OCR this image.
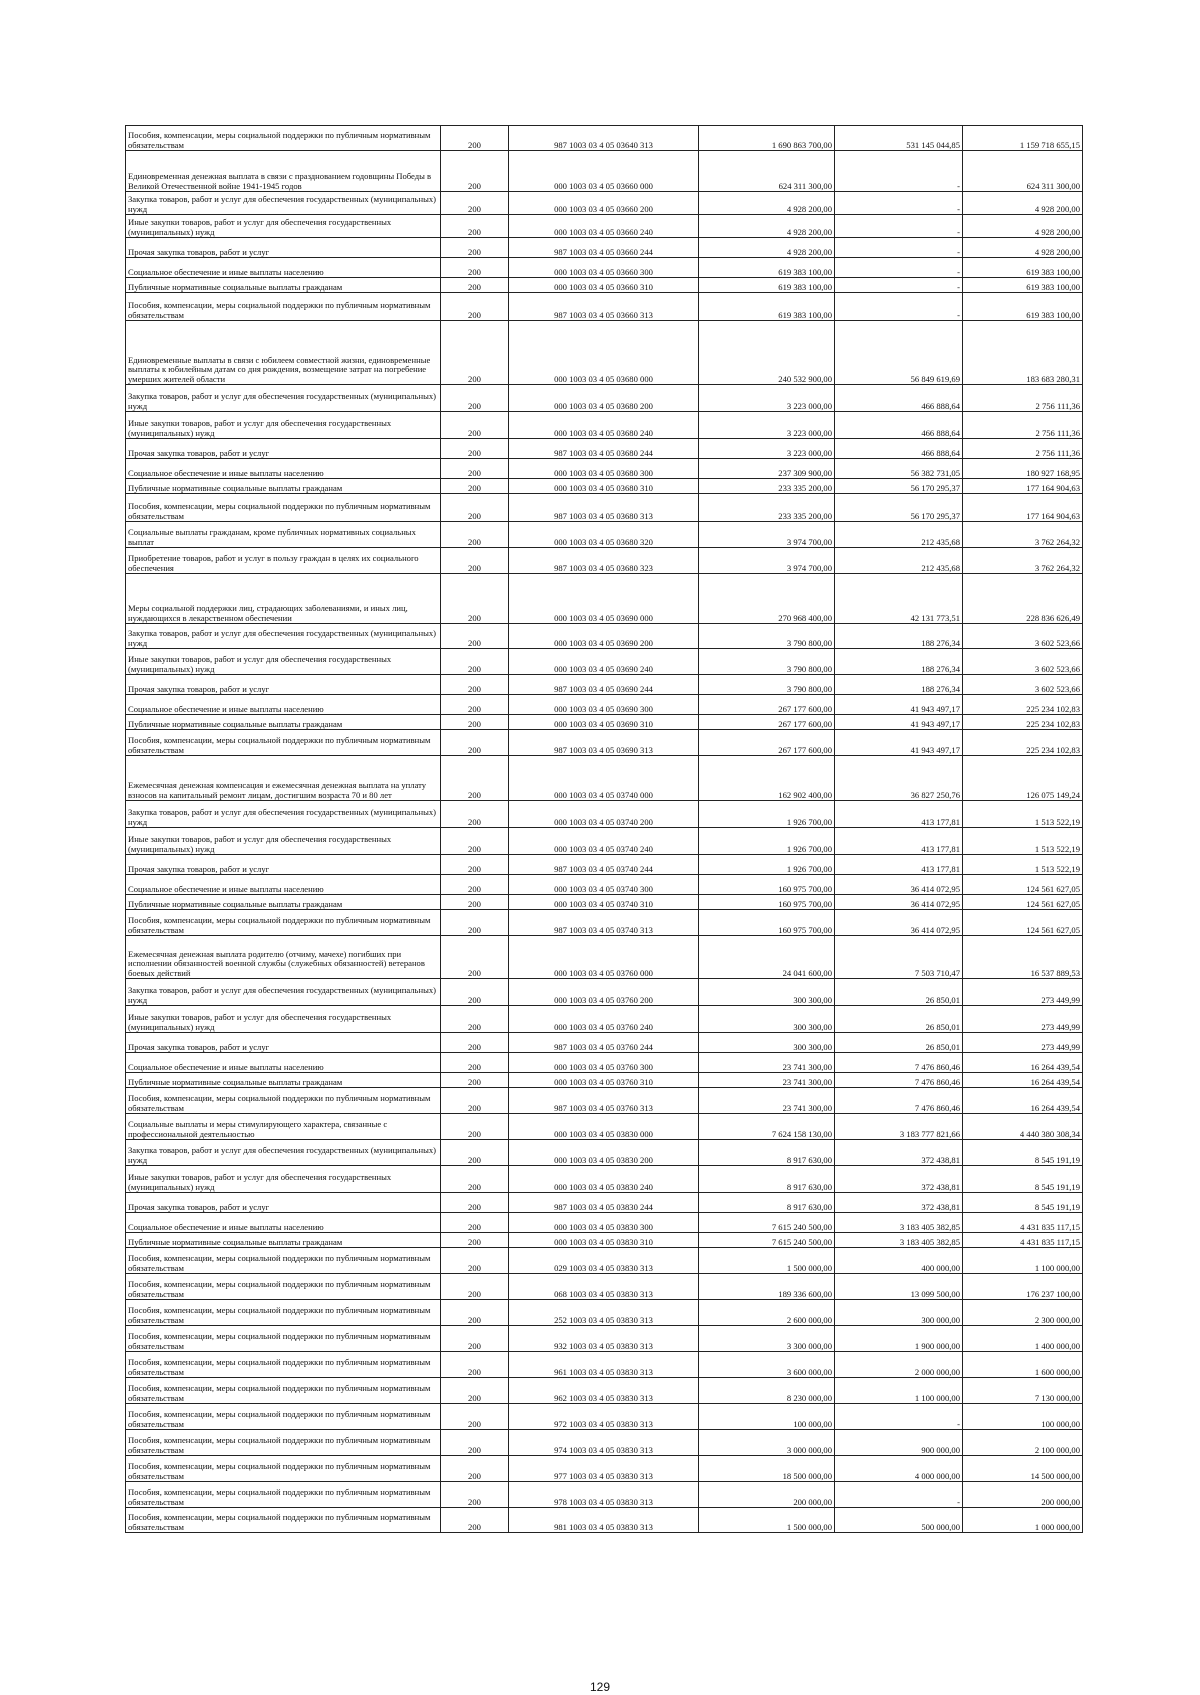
Пособия, компенсации, меры социальной поддержки по публичным нормативным обязательствам	200	987 1003 03 4 05 03640 313	1 690 863 700,00	531 145 044,85	1 159 718 655,15
Единовременная денежная выплата в связи с празднованием годовщины Победы в Великой Отечественной войне 1941-1945 годов	200	000 1003 03 4 05 03660 000	624 311 300,00	-	624 311 300,00
Закупка товаров, работ и услуг для обеспечения государственных (муниципальных) нужд	200	000 1003 03 4 05 03660 200	4 928 200,00	-	4 928 200,00
Иные закупки товаров, работ и услуг для обеспечения государственных (муниципальных) нужд	200	000 1003 03 4 05 03660 240	4 928 200,00	-	4 928 200,00
Прочая закупка товаров, работ и услуг	200	987 1003 03 4 05 03660 244	4 928 200,00	-	4 928 200,00
Социальное обеспечение и иные выплаты населению	200	000 1003 03 4 05 03660 300	619 383 100,00	-	619 383 100,00
Публичные нормативные социальные выплаты гражданам	200	000 1003 03 4 05 03660 310	619 383 100,00	-	619 383 100,00
Пособия, компенсации, меры социальной поддержки по публичным нормативным обязательствам	200	987 1003 03 4 05 03660 313	619 383 100,00	-	619 383 100,00
Единовременные выплаты в связи с юбилеем совместной жизни, единовременные выплаты к юбилейным датам со дня рождения, возмещение затрат на погребение умерших жителей области	200	000 1003 03 4 05 03680 000	240 532 900,00	56 849 619,69	183 683 280,31
Закупка товаров, работ и услуг для обеспечения государственных (муниципальных) нужд	200	000 1003 03 4 05 03680 200	3 223 000,00	466 888,64	2 756 111,36
Иные закупки товаров, работ и услуг для обеспечения государственных (муниципальных) нужд	200	000 1003 03 4 05 03680 240	3 223 000,00	466 888,64	2 756 111,36
Прочая закупка товаров, работ и услуг	200	987 1003 03 4 05 03680 244	3 223 000,00	466 888,64	2 756 111,36
Социальное обеспечение и иные выплаты населению	200	000 1003 03 4 05 03680 300	237 309 900,00	56 382 731,05	180 927 168,95
Публичные нормативные социальные выплаты гражданам	200	000 1003 03 4 05 03680 310	233 335 200,00	56 170 295,37	177 164 904,63
Пособия, компенсации, меры социальной поддержки по публичным нормативным обязательствам	200	987 1003 03 4 05 03680 313	233 335 200,00	56 170 295,37	177 164 904,63
Социальные выплаты гражданам, кроме публичных нормативных социальных выплат	200	000 1003 03 4 05 03680 320	3 974 700,00	212 435,68	3 762 264,32
Приобретение товаров, работ и услуг в пользу граждан в целях их социального обеспечения	200	987 1003 03 4 05 03680 323	3 974 700,00	212 435,68	3 762 264,32
Меры социальной поддержки лиц, страдающих заболеваниями, и иных лиц, нуждающихся в лекарственном обеспечении	200	000 1003 03 4 05 03690 000	270 968 400,00	42 131 773,51	228 836 626,49
Закупка товаров, работ и услуг для обеспечения государственных (муниципальных) нужд	200	000 1003 03 4 05 03690 200	3 790 800,00	188 276,34	3 602 523,66
Иные закупки товаров, работ и услуг для обеспечения государственных (муниципальных) нужд	200	000 1003 03 4 05 03690 240	3 790 800,00	188 276,34	3 602 523,66
Прочая закупка товаров, работ и услуг	200	987 1003 03 4 05 03690 244	3 790 800,00	188 276,34	3 602 523,66
Социальное обеспечение и иные выплаты населению	200	000 1003 03 4 05 03690 300	267 177 600,00	41 943 497,17	225 234 102,83
Публичные нормативные социальные выплаты гражданам	200	000 1003 03 4 05 03690 310	267 177 600,00	41 943 497,17	225 234 102,83
Пособия, компенсации, меры социальной поддержки по публичным нормативным обязательствам	200	987 1003 03 4 05 03690 313	267 177 600,00	41 943 497,17	225 234 102,83
Ежемесячная денежная компенсация и ежемесячная денежная выплата на уплату взносов на капитальный ремонт лицам, достигшим возраста 70 и 80 лет	200	000 1003 03 4 05 03740 000	162 902 400,00	36 827 250,76	126 075 149,24
Закупка товаров, работ и услуг для обеспечения государственных (муниципальных) нужд	200	000 1003 03 4 05 03740 200	1 926 700,00	413 177,81	1 513 522,19
Иные закупки товаров, работ и услуг для обеспечения государственных (муниципальных) нужд	200	000 1003 03 4 05 03740 240	1 926 700,00	413 177,81	1 513 522,19
Прочая закупка товаров, работ и услуг	200	987 1003 03 4 05 03740 244	1 926 700,00	413 177,81	1 513 522,19
Социальное обеспечение и иные выплаты населению	200	000 1003 03 4 05 03740 300	160 975 700,00	36 414 072,95	124 561 627,05
Публичные нормативные социальные выплаты гражданам	200	000 1003 03 4 05 03740 310	160 975 700,00	36 414 072,95	124 561 627,05
Пособия, компенсации, меры социальной поддержки по публичным нормативным обязательствам	200	987 1003 03 4 05 03740 313	160 975 700,00	36 414 072,95	124 561 627,05
Ежемесячная денежная выплата родителю (отчиму, мачехе) погибших при исполнении обязанностей военной службы (служебных обязанностей) ветеранов боевых действий	200	000 1003 03 4 05 03760 000	24 041 600,00	7 503 710,47	16 537 889,53
Закупка товаров, работ и услуг для обеспечения государственных (муниципальных) нужд	200	000 1003 03 4 05 03760 200	300 300,00	26 850,01	273 449,99
Иные закупки товаров, работ и услуг для обеспечения государственных (муниципальных) нужд	200	000 1003 03 4 05 03760 240	300 300,00	26 850,01	273 449,99
Прочая закупка товаров, работ и услуг	200	987 1003 03 4 05 03760 244	300 300,00	26 850,01	273 449,99
Социальное обеспечение и иные выплаты населению	200	000 1003 03 4 05 03760 300	23 741 300,00	7 476 860,46	16 264 439,54
Публичные нормативные социальные выплаты гражданам	200	000 1003 03 4 05 03760 310	23 741 300,00	7 476 860,46	16 264 439,54
Пособия, компенсации, меры социальной поддержки по публичным нормативным обязательствам	200	987 1003 03 4 05 03760 313	23 741 300,00	7 476 860,46	16 264 439,54
Социальные выплаты и меры стимулирующего характера, связанные с профессиональной деятельностью	200	000 1003 03 4 05 03830 000	7 624 158 130,00	3 183 777 821,66	4 440 380 308,34
Закупка товаров, работ и услуг для обеспечения государственных (муниципальных) нужд	200	000 1003 03 4 05 03830 200	8 917 630,00	372 438,81	8 545 191,19
Иные закупки товаров, работ и услуг для обеспечения государственных (муниципальных) нужд	200	000 1003 03 4 05 03830 240	8 917 630,00	372 438,81	8 545 191,19
Прочая закупка товаров, работ и услуг	200	987 1003 03 4 05 03830 244	8 917 630,00	372 438,81	8 545 191,19
Социальное обеспечение и иные выплаты населению	200	000 1003 03 4 05 03830 300	7 615 240 500,00	3 183 405 382,85	4 431 835 117,15
Публичные нормативные социальные выплаты гражданам	200	000 1003 03 4 05 03830 310	7 615 240 500,00	3 183 405 382,85	4 431 835 117,15
Пособия, компенсации, меры социальной поддержки по публичным нормативным обязательствам	200	029 1003 03 4 05 03830 313	1 500 000,00	400 000,00	1 100 000,00
Пособия, компенсации, меры социальной поддержки по публичным нормативным обязательствам	200	068 1003 03 4 05 03830 313	189 336 600,00	13 099 500,00	176 237 100,00
Пособия, компенсации, меры социальной поддержки по публичным нормативным обязательствам	200	252 1003 03 4 05 03830 313	2 600 000,00	300 000,00	2 300 000,00
Пособия, компенсации, меры социальной поддержки по публичным нормативным обязательствам	200	932 1003 03 4 05 03830 313	3 300 000,00	1 900 000,00	1 400 000,00
Пособия, компенсации, меры социальной поддержки по публичным нормативным обязательствам	200	961 1003 03 4 05 03830 313	3 600 000,00	2 000 000,00	1 600 000,00
Пособия, компенсации, меры социальной поддержки по публичным нормативным обязательствам	200	962 1003 03 4 05 03830 313	8 230 000,00	1 100 000,00	7 130 000,00
Пособия, компенсации, меры социальной поддержки по публичным нормативным обязательствам	200	972 1003 03 4 05 03830 313	100 000,00	-	100 000,00
Пособия, компенсации, меры социальной поддержки по публичным нормативным обязательствам	200	974 1003 03 4 05 03830 313	3 000 000,00	900 000,00	2 100 000,00
Пособия, компенсации, меры социальной поддержки по публичным нормативным обязательствам	200	977 1003 03 4 05 03830 313	18 500 000,00	4 000 000,00	14 500 000,00
Пособия, компенсации, меры социальной поддержки по публичным нормативным обязательствам	200	978 1003 03 4 05 03830 313	200 000,00	-	200 000,00
Пособия, компенсации, меры социальной поддержки по публичным нормативным обязательствам	200	981 1003 03 4 05 03830 313	1 500 000,00	500 000,00	1 000 000,00
129
